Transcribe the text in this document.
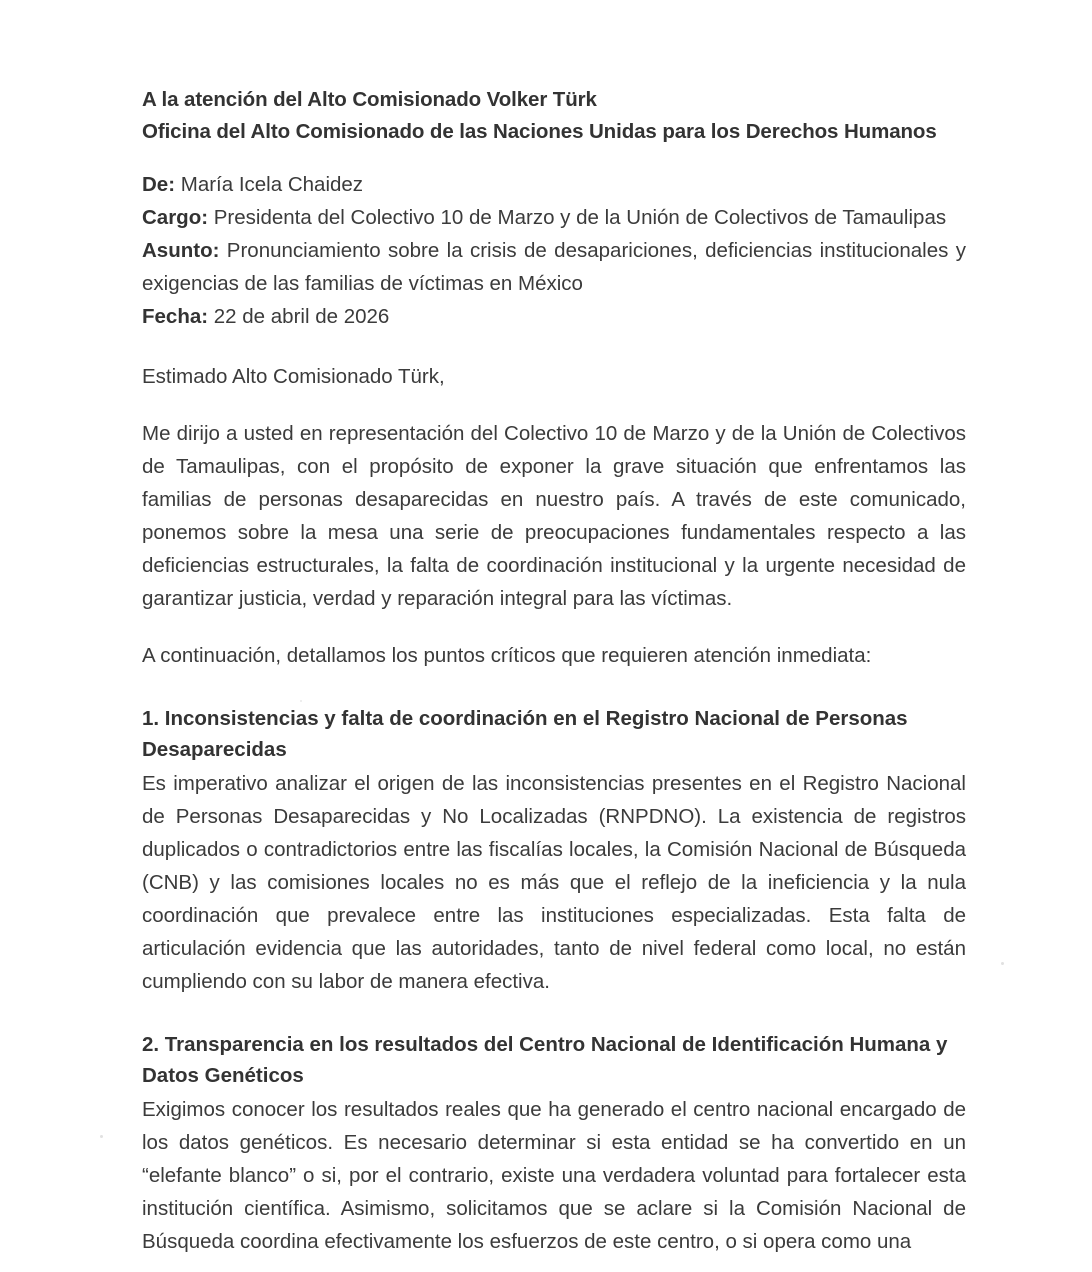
A la atención del Alto Comisionado Volker Türk
Oficina del Alto Comisionado de las Naciones Unidas para los Derechos Humanos
De: María Icela Chaidez
Cargo: Presidenta del Colectivo 10 de Marzo y de la Unión de Colectivos de Tamaulipas
Asunto: Pronunciamiento sobre la crisis de desapariciones, deficiencias institucionales y exigencias de las familias de víctimas en México
Fecha: 22 de abril de 2026
Estimado Alto Comisionado Türk,
Me dirijo a usted en representación del Colectivo 10 de Marzo y de la Unión de Colectivos de Tamaulipas, con el propósito de exponer la grave situación que enfrentamos las familias de personas desaparecidas en nuestro país. A través de este comunicado, ponemos sobre la mesa una serie de preocupaciones fundamentales respecto a las deficiencias estructurales, la falta de coordinación institucional y la urgente necesidad de garantizar justicia, verdad y reparación integral para las víctimas.
A continuación, detallamos los puntos críticos que requieren atención inmediata:
1. Inconsistencias y falta de coordinación en el Registro Nacional de Personas Desaparecidas
Es imperativo analizar el origen de las inconsistencias presentes en el Registro Nacional de Personas Desaparecidas y No Localizadas (RNPDNO). La existencia de registros duplicados o contradictorios entre las fiscalías locales, la Comisión Nacional de Búsqueda (CNB) y las comisiones locales no es más que el reflejo de la ineficiencia y la nula coordinación que prevalece entre las instituciones especializadas. Esta falta de articulación evidencia que las autoridades, tanto de nivel federal como local, no están cumpliendo con su labor de manera efectiva.
2. Transparencia en los resultados del Centro Nacional de Identificación Humana y Datos Genéticos
Exigimos conocer los resultados reales que ha generado el centro nacional encargado de los datos genéticos. Es necesario determinar si esta entidad se ha convertido en un “elefante blanco” o si, por el contrario, existe una verdadera voluntad para fortalecer esta institución científica. Asimismo, solicitamos que se aclare si la Comisión Nacional de Búsqueda coordina efectivamente los esfuerzos de este centro, o si opera como una
